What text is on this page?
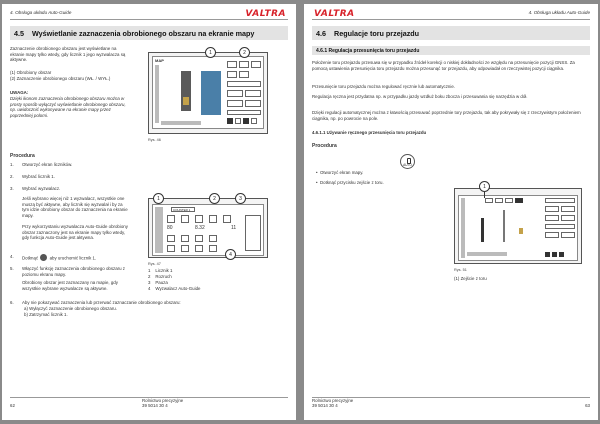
4. Obsługa układu Auto-Guide	VALTRA
4.5 Wyświetlanie zaznaczenia obrobionego obszaru na ekranie mapy
Zaznaczenie obrobionego obszaru jest wyświetlane na ekranie mapy tylko wtedy, gdy licznik 1 jego wyzwalacza są aktywne.
(1) Obrobiony obszar
(2) Zaznaczenie obrobionego obszaru (WŁ. / WYŁ.)
UWAGA:
Dzięki ikonom zaznaczenia obrobionego obszaru można w prosty sposób wyłączyć wyświetlanie obrobionego obszaru, np. uwidocznić wykonywane na ekranie mapy przez poprzedniej polomi.
MAP
1	2
Rys. 46
Procedura
1. Otworzyć ekran liczników.
2. Wybrać licznik 1.
3. Wybrać wyzwalacz.
Jeśli wybrano więcej niż 1 wyzwalacz, wszystkie one muszą być aktywne, aby licznik się wyzwalał i by za tym idzie obrobiony obszar do zaznaczenia na ekranie mapy.
Przy wykorzystaniu wyzwalacza Auto-Guide obrobiony obszar zaznaczony jest na ekranie mapy tylko wtedy, gdy funkcja Auto-Guide jest aktywna.
4. Dotknąć	aby uruchomić licznik 1.
5. Włączyć funkcję zaznaczenia obrobionego obszaru z poziomu ekranu mapy.
Obrobiony obszar jest zaznaczany na mapie, gdy wszystkie wybrane wyzwalacze są aktywne.
6. Aby nie pokazywać zaznaczenia lub przerwać zaznaczanie obrobionego obszaru:
a) Wyłączyć zaznaczenie obrobionego obszaru.
b) Zatrzymać licznik 1.
COUNTER 1
80	8.32	11
1	2	3
4
Rys. 47
1 Licznik 1
2 Rozruch
3 Pauza
4 Wyzwalacz Auto-Guide
62
Rolnictwo precyzyjne
39 5014 30 4
VALTRA	4. Obsługa układu Auto-Guide
4.6 Regulacje toru przejazdu
4.6.1 Regulacja przesunięcia toru przejazdu
Położenie toru przejazdu przesuwa się w przypadku źródeł korekcji o niskiej dokładności ze względu na przesunięcie pozycji GNSS. Za pomocą ustawienia przesunięcia toru przejazdu można przesunąć tor przejazdu, aby odpowiadał on rzeczywistej pozycji ciągnika.
Przesunięcie toru przejazdu można regulować ręcznie lub automatycznie.
Regulacja ręczna jest przydatna np. w przypadku jazdy wzdłuż boku zbocza i przesuwania się narzędzia w dół.
Dzięki regulacji automatycznej można z łatwością przesuwać poprzednie tory przejazdu, tak aby pokrywały się z rzeczywistym położeniem ciągnika, np. po powrocie na pole.
4.6.1.1 Używanie ręcznego przesunięcia toru przejazdu
Procedura
AUTO
•  Otworzyć ekran mapy.
•  Dotknąć przycisku zejście z toru.
1
Rys. 51
(1) Zejście z toru
Rolnictwo precyzyjne
39 5014 30 4	63
